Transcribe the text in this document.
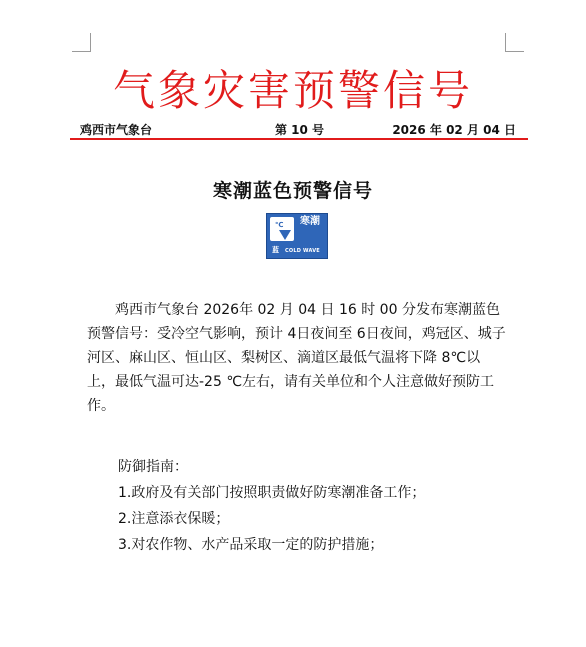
气象灾害预警信号
鸡西市气象台	第 10 号	2026 年 02 月 04 日
寒潮蓝色预警信号
℃	寒潮
蓝 COLD WAVE

鸡西市气象台 2026年 02 月 04 日 16 时 00 分发布寒潮蓝色预警信号：受冷空气影响，预计 4日夜间至 6日夜间，鸡冠区、城子河区、麻山区、恒山区、梨树区、滴道区最低气温将下降 8℃以上，最低气温可达-25 ℃左右，请有关单位和个人注意做好预防工作。

防御指南：
1.政府及有关部门按照职责做好防寒潮准备工作；
2.注意添衣保暖；
3.对农作物、水产品采取一定的防护措施；
